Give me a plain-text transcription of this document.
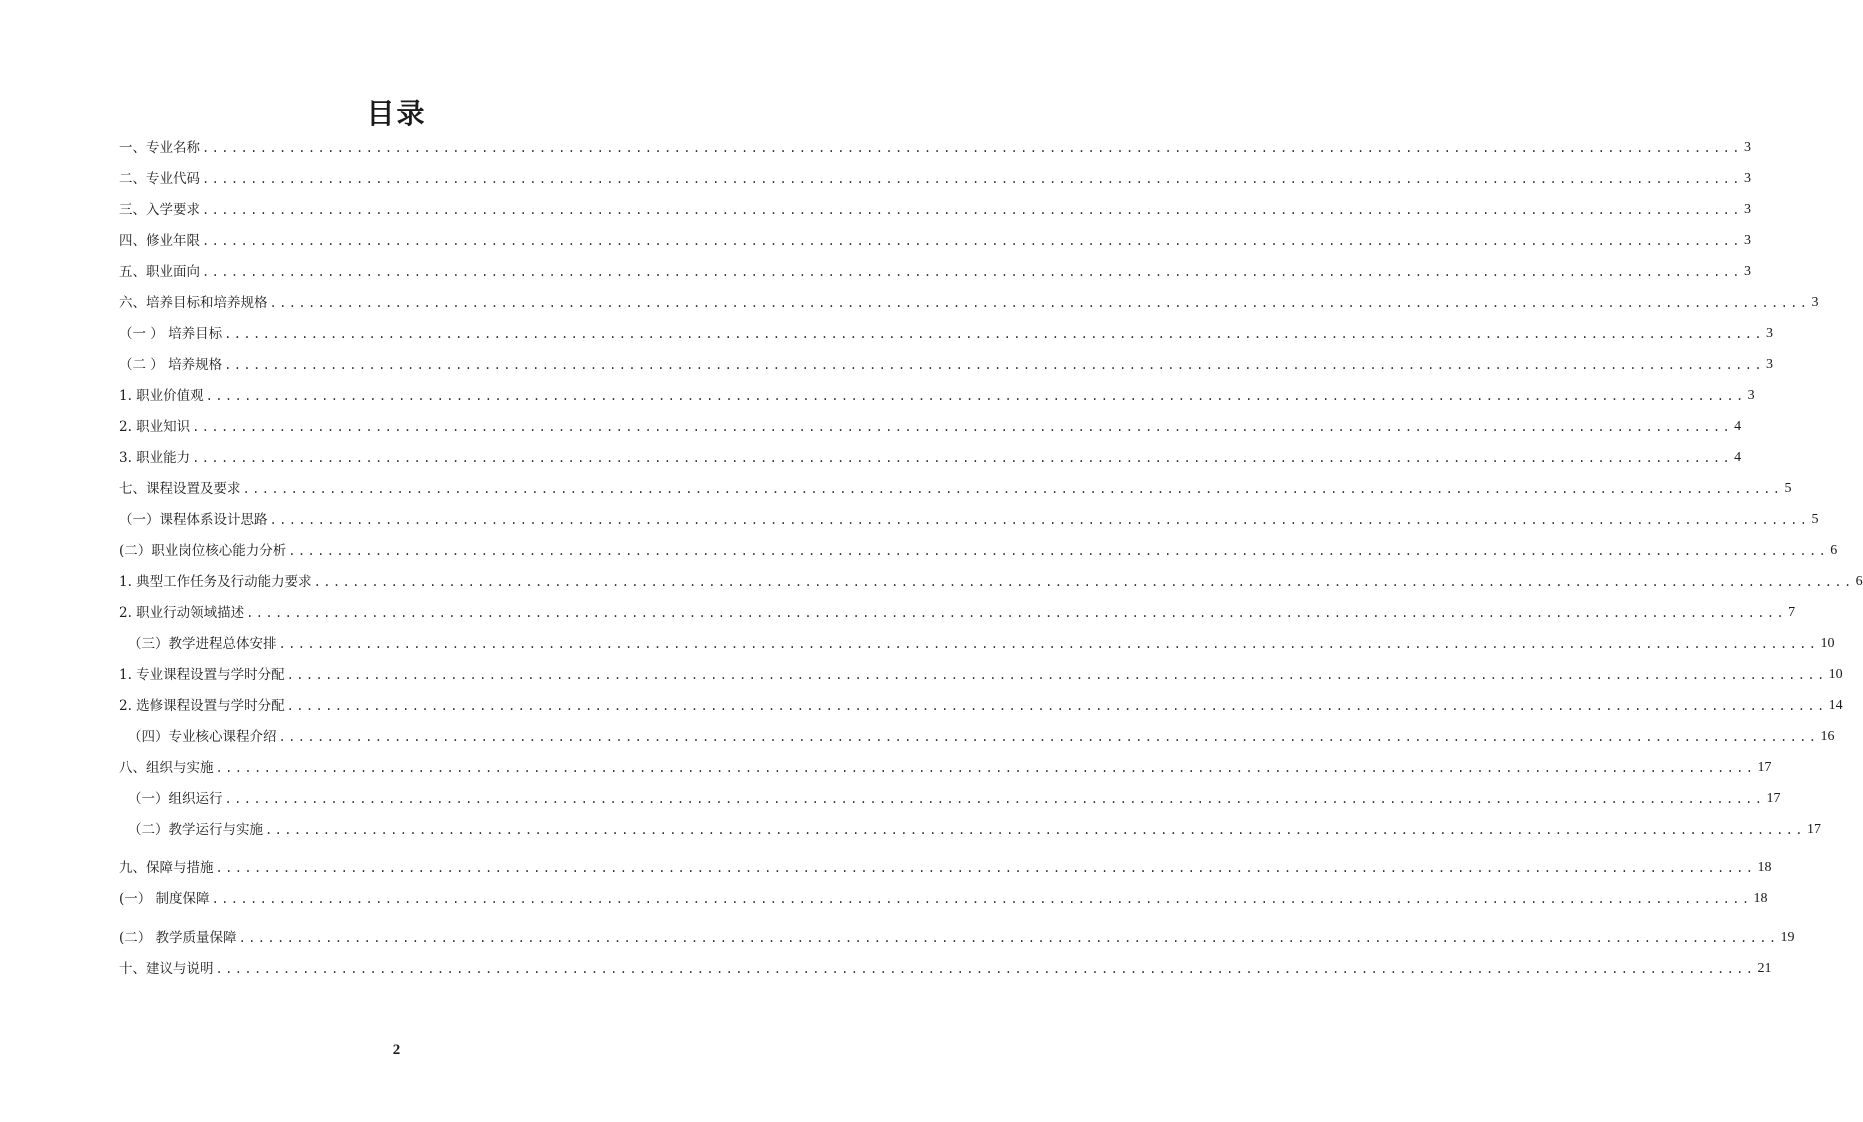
目录
一、专业名称 ................................................................................................................................................................ 3
二、专业代码 ................................................................................................................................................................ 3
三、入学要求 ................................................................................................................................................................ 3
四、修业年限 ................................................................................................................................................................ 3
五、职业面向 ................................................................................................................................................................ 3
六、培养目标和培养规格 ................................................................................................................................................................ 3
（一 ） 培养目标 ................................................................................................................................................................ 3
（二 ） 培养规格 ................................................................................................................................................................ 3
1. 职业价值观 ................................................................................................................................................................ 3
2. 职业知识 ................................................................................................................................................................ 4
3. 职业能力 ................................................................................................................................................................ 4
七、课程设置及要求 ................................................................................................................................................................ 5
（一）课程体系设计思路 ................................................................................................................................................................ 5
(二）职业岗位核心能力分析 ................................................................................................................................................................ 6
1. 典型工作任务及行动能力要求 ................................................................................................................................................................ 6
2. 职业行动领域描述 ................................................................................................................................................................ 7
（三）教学进程总体安排 ................................................................................................................................................................ 10
1. 专业课程设置与学时分配 ................................................................................................................................................................ 10
2. 选修课程设置与学时分配 ................................................................................................................................................................ 14
（四）专业核心课程介绍 ................................................................................................................................................................ 16
八、组织与实施 ................................................................................................................................................................ 17
（一）组织运行 ................................................................................................................................................................ 17
（二）教学运行与实施 ................................................................................................................................................................ 17
九、保障与措施 ................................................................................................................................................................ 18
(一） 制度保障 ................................................................................................................................................................ 18
(二） 教学质量保障 ................................................................................................................................................................ 19
十、建议与说明 ................................................................................................................................................................ 21
2
